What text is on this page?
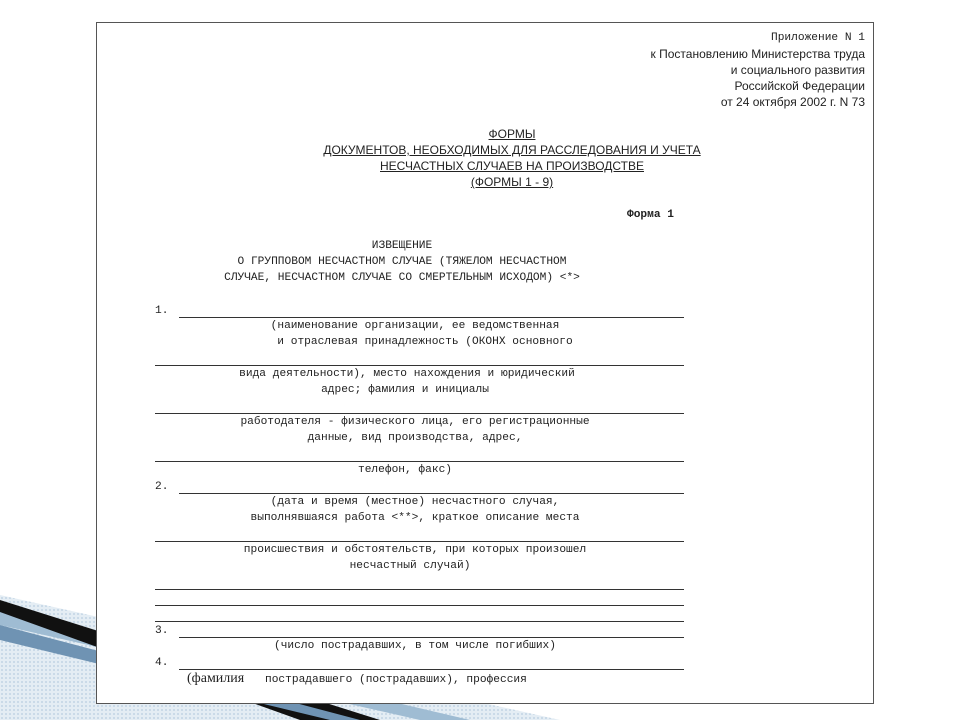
Приложение N 1
к Постановлению Министерства труда
и социального развития
Российской Федерации
от 24 октября 2002 г. N 73
ФОРМЫ
ДОКУМЕНТОВ, НЕОБХОДИМЫХ ДЛЯ РАССЛЕДОВАНИЯ И УЧЕТА
НЕСЧАСТНЫХ СЛУЧАЕВ НА ПРОИЗВОДСТВЕ
(ФОРМЫ 1 - 9)
Форма 1
ИЗВЕЩЕНИЕ
О ГРУППОВОМ НЕСЧАСТНОМ СЛУЧАЕ (ТЯЖЕЛОМ НЕСЧАСТНОМ
СЛУЧАЕ, НЕСЧАСТНОМ СЛУЧАЕ СО СМЕРТЕЛЬНЫМ ИСХОДОМ) <*>
1.
(наименование организации, ее ведомственная
и отраслевая принадлежность (ОКОНХ основного
вида деятельности), место нахождения и юридический
адрес; фамилия и инициалы
работодателя - физического лица, его регистрационные
данные, вид производства, адрес,
телефон, факс)
2.
(дата и время (местное) несчастного случая,
выполнявшаяся работа <**>, краткое описание места
происшествия и обстоятельств, при которых произошел
несчастный случай)
3.
(число пострадавших, в том числе погибших)
4.
(фамилия пострадавшего (пострадавших), профессия
